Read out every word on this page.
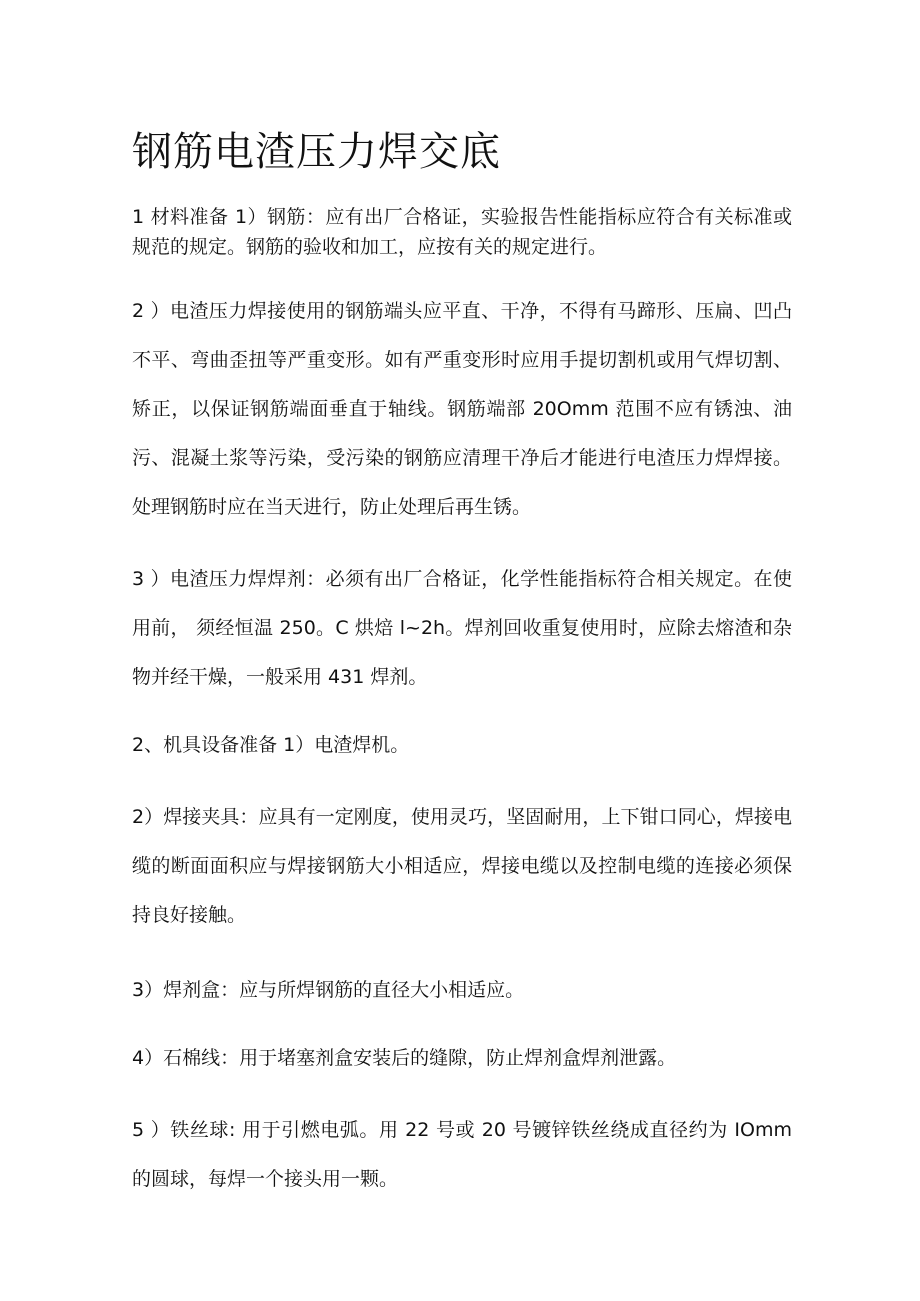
钢筋电渣压力焊交底

1 材料准备 1）钢筋：应有出厂合格证，实验报告性能指标应符合有关标准或规范的规定。钢筋的验收和加工，应按有关的规定进行。

2 ）电渣压力焊接使用的钢筋端头应平直、干净，不得有马蹄形、压扁、凹凸不平、弯曲歪扭等严重变形。如有严重变形时应用手提切割机或用气焊切割、矫正，以保证钢筋端面垂直于轴线。钢筋端部 20Omm 范围不应有锈浊、油污、混凝土浆等污染，受污染的钢筋应清理干净后才能进行电渣压力焊焊接。处理钢筋时应在当天进行，防止处理后再生锈。

3 ）电渣压力焊焊剂：必须有出厂合格证，化学性能指标符合相关规定。在使用前， 须经恒温 250。C 烘焙 l~2h。焊剂回收重复使用时，应除去熔渣和杂物并经干燥，一般采用 431 焊剂。

2、机具设备准备 1）电渣焊机。

2）焊接夹具：应具有一定刚度，使用灵巧，坚固耐用，上下钳口同心，焊接电缆的断面面积应与焊接钢筋大小相适应，焊接电缆以及控制电缆的连接必须保持良好接触。

3）焊剂盒：应与所焊钢筋的直径大小相适应。

4）石棉线：用于堵塞剂盒安装后的缝隙，防止焊剂盒焊剂泄露。

5 ）铁丝球: 用于引燃电弧。用 22 号或 20 号镀锌铁丝绕成直径约为 IOmm的圆球，每焊一个接头用一颗。
